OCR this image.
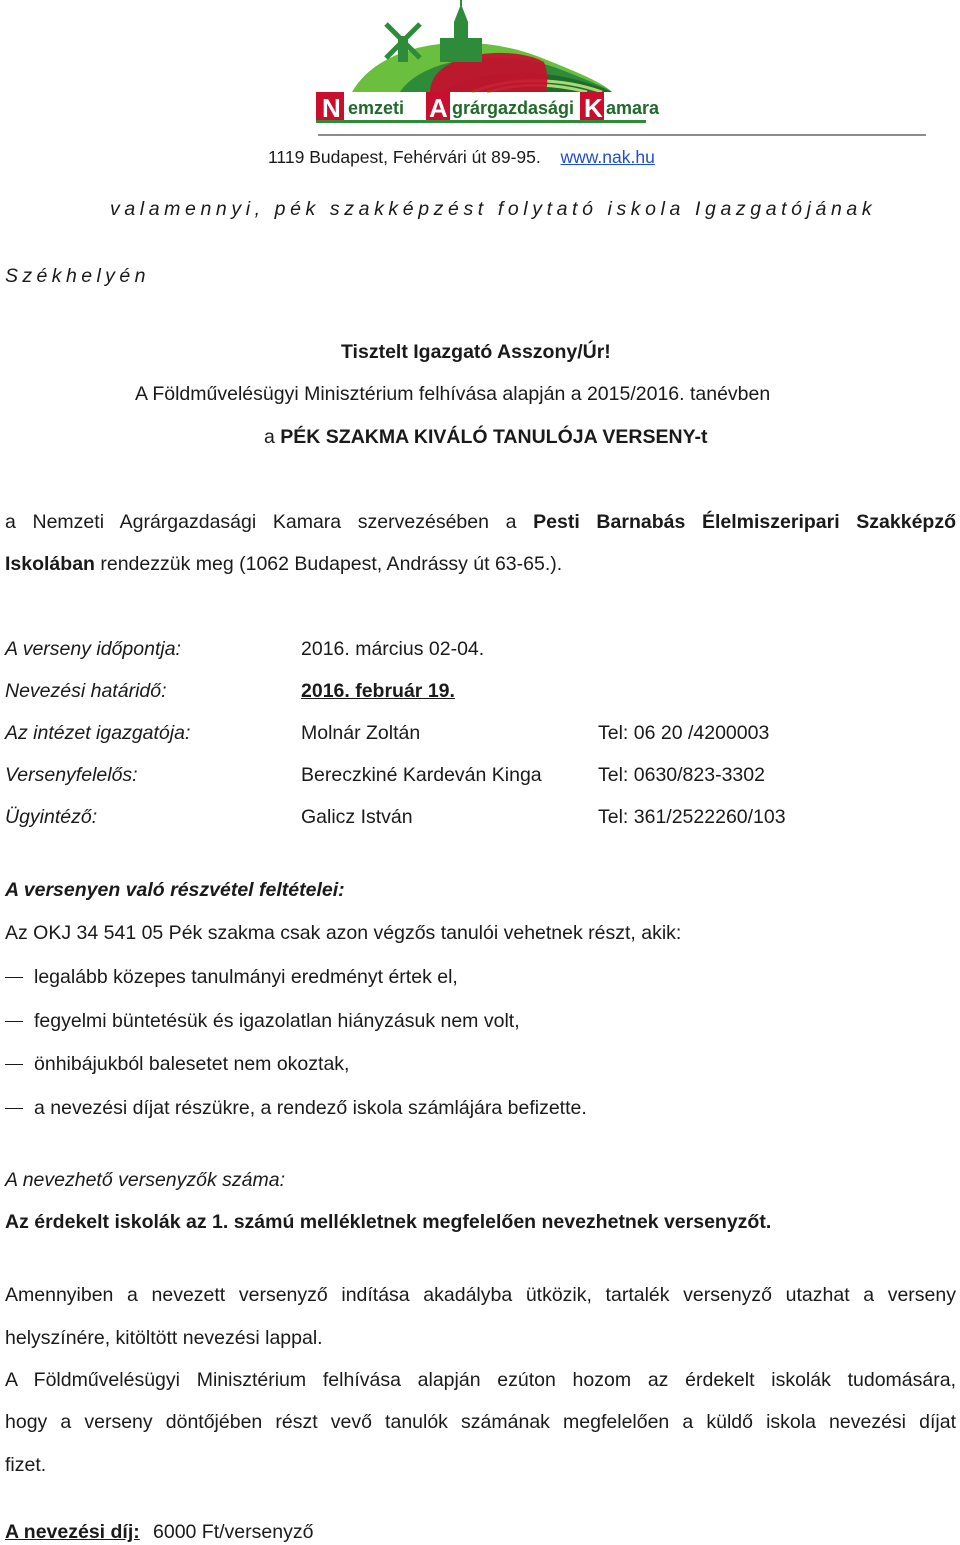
N emzeti A grárgazdasági K amara
1119 Budapest, Fehérvári út 89-95. www.nak.hu
valamennyi, pék szakképzést folytató iskola Igazgatójának
Székhelyén
Tisztelt Igazgató Asszony/Úr!
A Földművelésügyi Minisztérium felhívása alapján a 2015/2016. tanévben
a PÉK SZAKMA KIVÁLÓ TANULÓJA VERSENY-t
a Nemzeti Agrárgazdasági Kamara szervezésében a Pesti Barnabás Élelmiszeripari Szakképző
Iskolában rendezzük meg (1062 Budapest, Andrássy út 63-65.).
A verseny időpontja:	2016. március 02-04.
Nevezési határidő:	2016. február 19.
Az intézet igazgatója:	Molnár Zoltán	Tel: 06 20 /4200003
Versenyfelelős:	Bereczkiné Kardeván Kinga	Tel: 0630/823-3302
Ügyintéző:	Galicz István	Tel: 361/2522260/103
A versenyen való részvétel feltételei:
Az OKJ 34 541 05 Pék szakma csak azon végzős tanulói vehetnek részt, akik:
legalább közepes tanulmányi eredményt értek el,
fegyelmi büntetésük és igazolatlan hiányzásuk nem volt,
önhibájukból balesetet nem okoztak,
a nevezési díjat részükre, a rendező iskola számlájára befizette.
A nevezhető versenyzők száma:
Az érdekelt iskolák az 1. számú mellékletnek megfelelően nevezhetnek versenyzőt.
Amennyiben a nevezett versenyző indítása akadályba ütközik, tartalék versenyző utazhat a verseny
helyszínére, kitöltött nevezési lappal.
A Földművelésügyi Minisztérium felhívása alapján ezúton hozom az érdekelt iskolák tudomására,
hogy a verseny döntőjében részt vevő tanulók számának megfelelően a küldő iskola nevezési díjat
fizet.
A nevezési díj: 6000 Ft/versenyző
